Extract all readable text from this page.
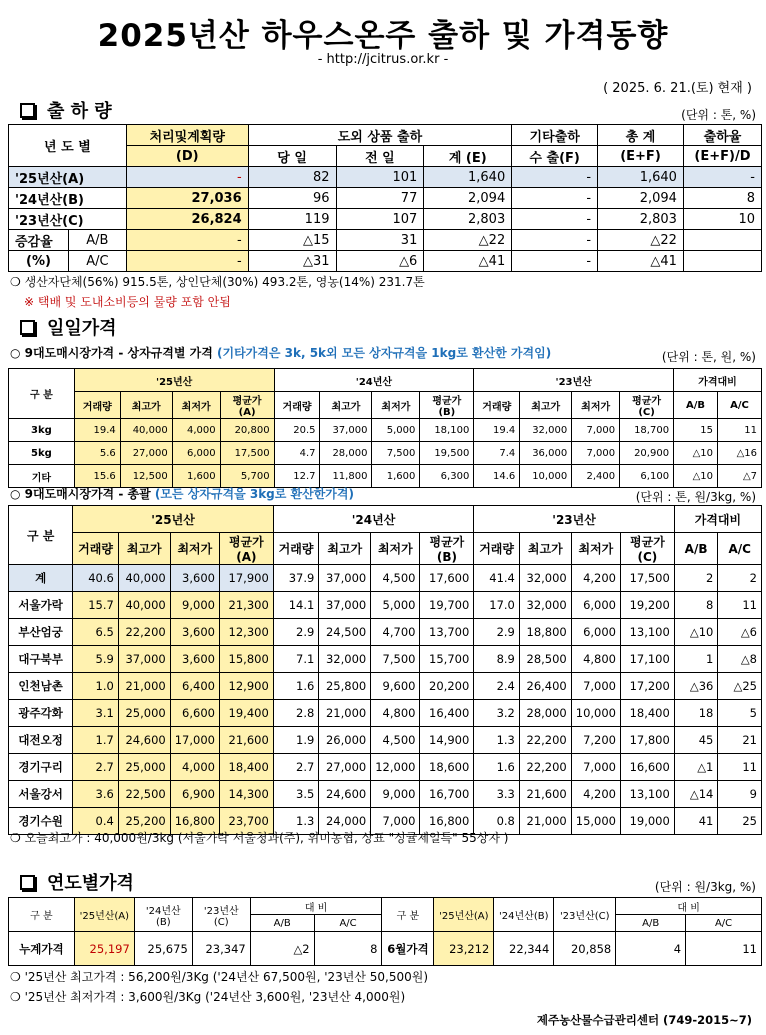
2025년산 하우스온주 출하 및 가격동향
- http://jcitrus.or.kr -
( 2025. 6. 21.(토) 현재 )
출 하 량	(단위 : 톤, %)
년 도 별		처리및계획량	도외 상품 출하			기타출하	총 계	출하율
		(D)	당 일	전 일	계 (E)	수 출(F)	(E+F)	(E+F)/D
'25년산(A)		-	82	101	1,640	-	1,640	-
'24년산(B)		27,036	96	77	2,094	-	2,094	8
'23년산(C)		26,824	119	107	2,803	-	2,803	10
증감율	A/B	-	△15	31	△22	-	△22	
(%)	A/C	-	△31	△6	△41	-	△41	
❍ 생산자단체(56%) 915.5톤, 상인단체(30%) 493.2톤, 영농(14%) 231.7톤
※ 택배 및 도내소비등의 물량 포함 안됨
일일가격
○ 9대도매시장가격 - 상자규격별 가격 (기타가격은 3k, 5k외 모든 상자규격을 1kg로 환산한 가격임)	(단위 : 톤, 원, %)
구 분	'25년산				'24년산				'23년산				가격대비	
	거래량	최고가	최저가	평균가(A)	거래량	최고가	최저가	평균가(B)	거래량	최고가	최저가	평균가(C)	A/B	A/C
3kg	19.4	40,000	4,000	20,800	20.5	37,000	5,000	18,100	19.4	32,000	7,000	18,700	15	11
5kg	5.6	27,000	6,000	17,500	4.7	28,000	7,500	19,500	7.4	36,000	7,000	20,900	△10	△16
기타	15.6	12,500	1,600	5,700	12.7	11,800	1,600	6,300	14.6	10,000	2,400	6,100	△10	△7
○ 9대도매시장가격 - 총괄 (모든 상자규격을 3kg로 환산한가격)	(단위 : 톤, 원/3kg, %)
구 분	'25년산				'24년산				'23년산				가격대비	
	거래량	최고가	최저가	평균가(A)	거래량	최고가	최저가	평균가(B)	거래량	최고가	최저가	평균가(C)	A/B	A/C
계	40.6	40,000	3,600	17,900	37.9	37,000	4,500	17,600	41.4	32,000	4,200	17,500	2	2
서울가락	15.7	40,000	9,000	21,300	14.1	37,000	5,000	19,700	17.0	32,000	6,000	19,200	8	11
부산엄궁	6.5	22,200	3,600	12,300	2.9	24,500	4,700	13,700	2.9	18,800	6,000	13,100	△10	△6
대구북부	5.9	37,000	3,600	15,800	7.1	32,000	7,500	15,700	8.9	28,500	4,800	17,100	1	△8
인천남촌	1.0	21,000	6,400	12,900	1.6	25,800	9,600	20,200	2.4	26,400	7,000	17,200	△36	△25
광주각화	3.1	25,000	6,600	19,400	2.8	21,000	4,800	16,400	3.2	28,000	10,000	18,400	18	5
대전오정	1.7	24,600	17,000	21,600	1.9	26,000	4,500	14,900	1.3	22,200	7,200	17,800	45	21
경기구리	2.7	25,000	4,000	18,400	2.7	27,000	12,000	18,600	1.6	22,200	7,000	16,600	△1	11
서울강서	3.6	22,500	6,900	14,300	3.5	24,600	9,000	16,700	3.3	21,600	4,200	13,100	△14	9
경기수원	0.4	25,200	16,800	23,700	1.3	24,000	7,000	16,800	0.8	21,000	15,000	19,000	41	25
❍ 오늘최고가 : 40,000원/3kg (서울가락 서울청과(주), 위미농협, 상표 "싱귤제일특" 55상자 )
연도별가격	(단위 : 원/3kg, %)
구 분	'25년산(A)	'24년산(B)	'23년산(C)	대 비		구 분	'25년산(A)	'24년산(B)	'23년산(C)	대 비	
				A/B	A/C					A/B	A/C
누계가격	25,197	25,675	23,347	△2	8	6월가격	23,212	22,344	20,858	4	11
❍ '25년산 최고가격 : 56,200원/3Kg ('24년산 67,500원, '23년산 50,500원)
❍ '25년산 최저가격 : 3,600원/3Kg ('24년산 3,600원, '23년산 4,000원)
제주농산물수급관리센터 (749-2015~7)
